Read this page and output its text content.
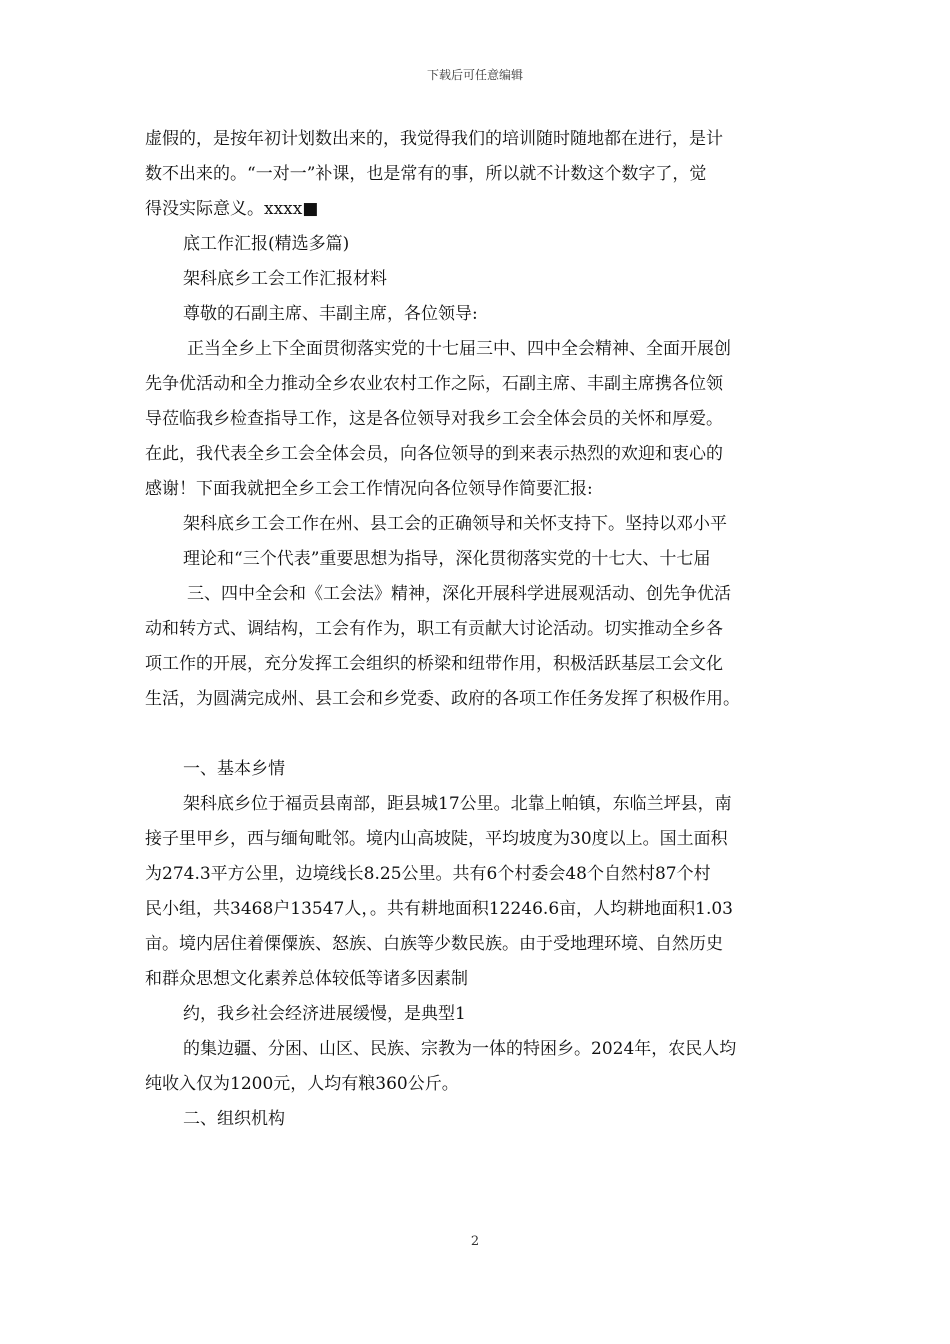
下载后可任意编辑
虚假的，是按年初计划数出来的，我觉得我们的培训随时随地都在进行，是计
数不出来的。“一对一”补课，也是常有的事，所以就不计数这个数字了，觉
得没实际意义。xxxx■
底工作汇报(精选多篇)
架科底乡工会工作汇报材料
尊敬的石副主席、丰副主席，各位领导:
正当全乡上下全面贯彻落实党的十七届三中、四中全会精神、全面开展创
先争优活动和全力推动全乡农业农村工作之际，石副主席、丰副主席携各位领
导莅临我乡检查指导工作，这是各位领导对我乡工会全体会员的关怀和厚爱。
在此，我代表全乡工会全体会员，向各位领导的到来表示热烈的欢迎和衷心的
感谢！下面我就把全乡工会工作情况向各位领导作简要汇报:
架科底乡工会工作在州、县工会的正确领导和关怀支持下。坚持以邓小平
理论和“三个代表”重要思想为指导，深化贯彻落实党的十七大、十七届
三、四中全会和《工会法》精神，深化开展科学进展观活动、创先争优活
动和转方式、调结构，工会有作为，职工有贡献大讨论活动。切实推动全乡各
项工作的开展，充分发挥工会组织的桥梁和纽带作用，积极活跃基层工会文化
生活，为圆满完成州、县工会和乡党委、政府的各项工作任务发挥了积极作用。
一、基本乡情
架科底乡位于福贡县南部，距县城17公里。北靠上帕镇，东临兰坪县，南
接子里甲乡，西与缅甸毗邻。境内山高坡陡，平均坡度为30度以上。国土面积
为274.3平方公里，边境线长8.25公里。共有6个村委会48个自然村87个村
民小组，共3468户13547人，。共有耕地面积12246.6亩，人均耕地面积1.03
亩。境内居住着傈僳族、怒族、白族等少数民族。由于受地理环境、自然历史
和群众思想文化素养总体较低等诸多因素制
约，我乡社会经济进展缓慢，是典型1
的集边疆、分困、山区、民族、宗教为一体的特困乡。2024年，农民人均
纯收入仅为1200元，人均有粮360公斤。
二、组织机构
2
